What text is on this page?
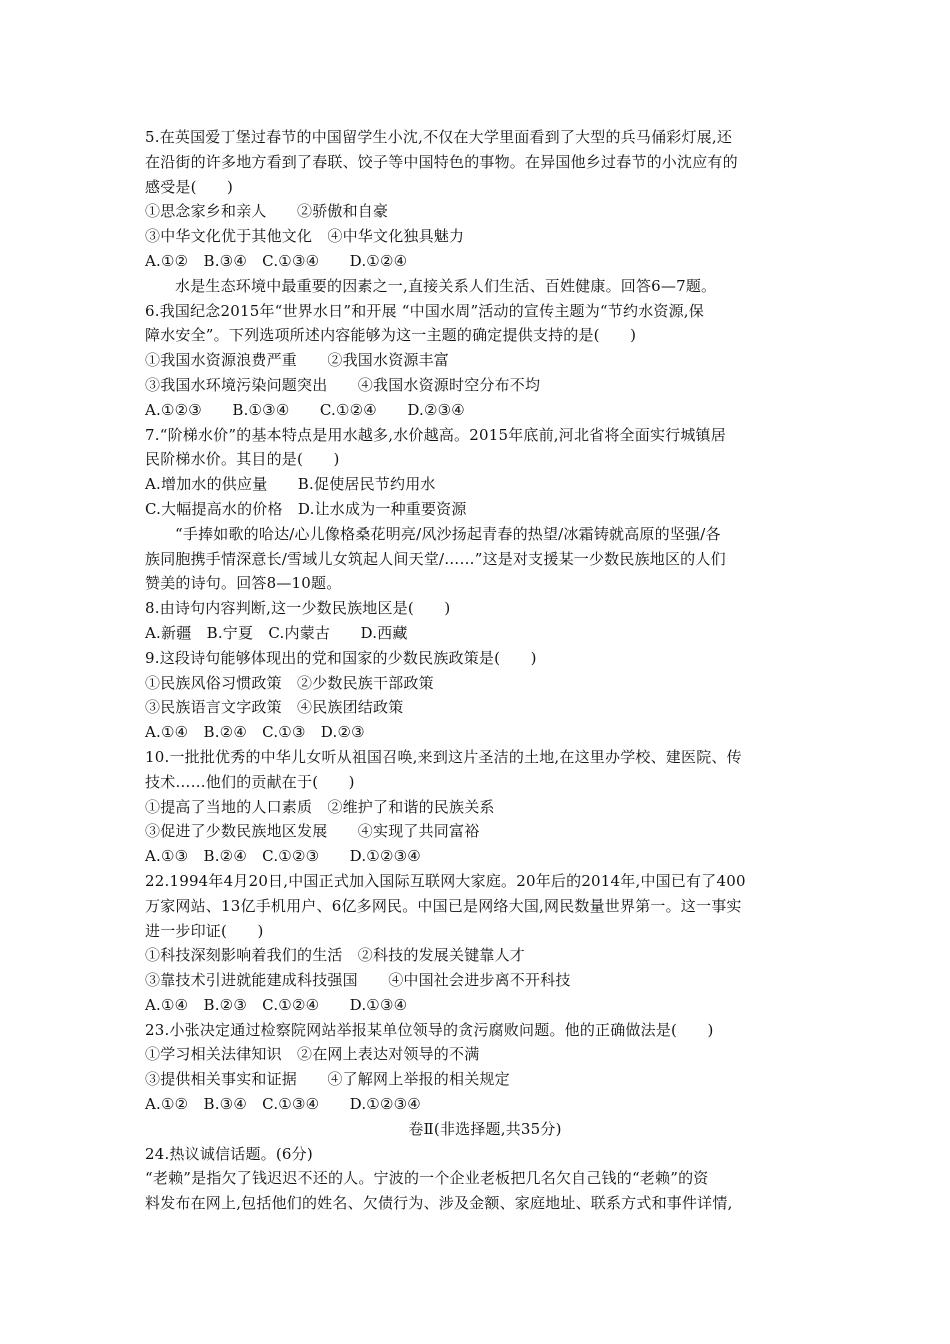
5.在英国爱丁堡过春节的中国留学生小沈,不仅在大学里面看到了大型的兵马俑彩灯展,还
在沿街的许多地方看到了春联、饺子等中国特色的事物。在异国他乡过春节的小沈应有的
感受是(　　)
①思念家乡和亲人　　②骄傲和自豪
③中华文化优于其他文化　④中华文化独具魅力
A.①②　B.③④　C.①③④　　D.①②④
水是生态环境中最重要的因素之一,直接关系人们生活、百姓健康。回答6—7题。
6.我国纪念2015年“世界水日”和开展 “中国水周”活动的宣传主题为“节约水资源,保
障水安全”。下列选项所述内容能够为这一主题的确定提供支持的是(　　)
①我国水资源浪费严重　　②我国水资源丰富
③我国水环境污染问题突出　　④我国水资源时空分布不均
A.①②③　　B.①③④　　C.①②④　　D.②③④
7.“阶梯水价”的基本特点是用水越多,水价越高。2015年底前,河北省将全面实行城镇居
民阶梯水价。其目的是(　　)
A.增加水的供应量　　B.促使居民节约用水
C.大幅提高水的价格　D.让水成为一种重要资源
“手捧如歌的哈达/心儿像格桑花明亮/风沙扬起青春的热望/冰霜铸就高原的坚强/各
族同胞携手情深意长/雪域儿女筑起人间天堂/……”这是对支援某一少数民族地区的人们
赞美的诗句。回答8—10题。
8.由诗句内容判断,这一少数民族地区是(　　)
A.新疆　B.宁夏　C.内蒙古　　D.西藏
9.这段诗句能够体现出的党和国家的少数民族政策是(　　)
①民族风俗习惯政策　②少数民族干部政策
③民族语言文字政策　④民族团结政策
A.①④　B.②④　C.①③　D.②③
10.一批批优秀的中华儿女听从祖国召唤,来到这片圣洁的土地,在这里办学校、建医院、传
技术……他们的贡献在于(　　)
①提高了当地的人口素质　②维护了和谐的民族关系
③促进了少数民族地区发展　　④实现了共同富裕
A.①③　B.②④　C.①②③　　D.①②③④
22.1994年4月20日,中国正式加入国际互联网大家庭。20年后的2014年,中国已有了400
万家网站、13亿手机用户、6亿多网民。中国已是网络大国,网民数量世界第一。这一事实
进一步印证(　　)
①科技深刻影响着我们的生活　②科技的发展关键靠人才
③靠技术引进就能建成科技强国　　④中国社会进步离不开科技
A.①④　B.②③　C.①②④　　D.①③④
23.小张决定通过检察院网站举报某单位领导的贪污腐败问题。他的正确做法是(　　)
①学习相关法律知识　②在网上表达对领导的不满
③提供相关事实和证据　　④了解网上举报的相关规定
A.①②　B.③④　C.①③④　　D.①②③④
卷Ⅱ(非选择题,共35分)
24.热议诚信话题。(6分)
“老赖”是指欠了钱迟迟不还的人。宁波的一个企业老板把几名欠自己钱的“老赖”的资
料发布在网上,包括他们的姓名、欠债行为、涉及金额、家庭地址、联系方式和事件详情,
